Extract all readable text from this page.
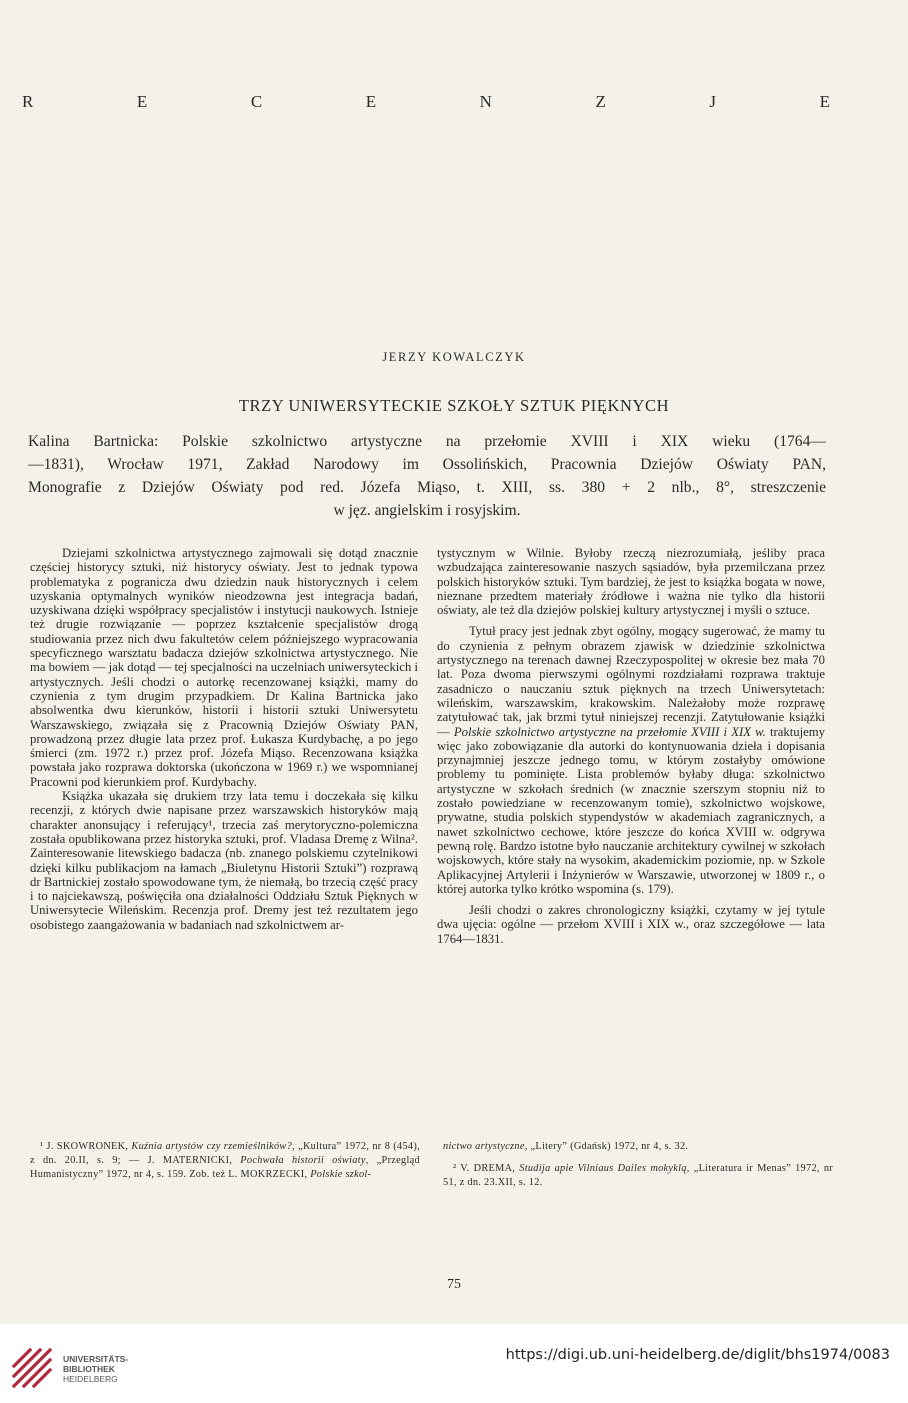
R	E	C	E	N	Z	J	E
JERZY KOWALCZYK
TRZY UNIWERSYTECKIE SZKOŁY SZTUK PIĘKNYCH
Kalina Bartnicka: Polskie szkolnictwo artystyczne na przełomie XVIII i XIX wieku (1764—
—1831), Wrocław 1971, Zakład Narodowy im Ossolińskich, Pracownia Dziejów Oświaty PAN,
Monografie z Dziejów Oświaty pod red. Józefa Miąso, t. XIII, ss. 380 + 2 nlb., 8°, streszczenie
w jęz. angielskim i rosyjskim.

Dziejami szkolnictwa artystycznego zajmowali się dotąd znacznie częściej historycy sztuki, niż historycy oświaty. Jest to jednak typowa problematyka z pogranicza dwu dziedzin nauk historycznych i celem uzyskania optymalnych wyników nieodzowna jest integracja badań, uzyskiwana dzięki współpracy specjalistów i instytucji naukowych. Istnieje też drugie rozwiązanie — poprzez kształcenie specjalistów drogą studiowania przez nich dwu fakultetów celem późniejszego wypracowania specyficznego warsztatu badacza dziejów szkolnictwa artystycznego. Nie ma bowiem — jak dotąd — tej specjalności na uczelniach uniwersyteckich i artystycznych. Jeśli chodzi o autorkę recenzowanej książki, mamy do czynienia z tym drugim przypadkiem. Dr Kalina Bartnicka jako absolwentka dwu kierunków, historii i historii sztuki Uniwersytetu Warszawskiego, związała się z Pracownią Dziejów Oświaty PAN, prowadzoną przez długie lata przez prof. Łukasza Kurdybachę, a po jego śmierci (zm. 1972 r.) przez prof. Józefa Miąso. Recenzowana książka powstała jako rozprawa doktorska (ukończona w 1969 r.) we wspomnianej Pracowni pod kierunkiem prof. Kurdybachy.

Książka ukazała się drukiem trzy lata temu i doczekała się kilku recenzji, z których dwie napisane przez warszawskich historyków mają charakter anonsujący i referujący¹, trzecia zaś merytoryczno-polemiczna została opublikowana przez historyka sztuki, prof. Vladasa Dremę z Wilna². Zainteresowanie litewskiego badacza (nb. znanego polskiemu czytelnikowi dzięki kilku publikacjom na łamach „Biuletynu Historii Sztuki”) rozprawą dr Bartnickiej zostało spowodowane tym, że niemałą, bo trzecią część pracy i to najciekawszą, poświęciła ona działalności Oddziału Sztuk Pięknych w Uniwersytecie Wileńskim. Recenzja prof. Dremy jest też rezultatem jego osobistego zaangażowania w badaniach nad szkolnictwem ar-

tystycznym w Wilnie. Byłoby rzeczą niezrozumiałą, jeśliby praca wzbudzająca zainteresowanie naszych sąsiadów, była przemilczana przez polskich historyków sztuki. Tym bardziej, że jest to książka bogata w nowe, nieznane przedtem materiały źródłowe i ważna nie tylko dla historii oświaty, ale też dla dziejów polskiej kultury artystycznej i myśli o sztuce.

Tytuł pracy jest jednak zbyt ogólny, mogący sugerować, że mamy tu do czynienia z pełnym obrazem zjawisk w dziedzinie szkolnictwa artystycznego na terenach dawnej Rzeczypospolitej w okresie bez mała 70 lat. Poza dwoma pierwszymi ogólnymi rozdziałami rozprawa traktuje zasadniczo o nauczaniu sztuk pięknych na trzech Uniwersytetach: wileńskim, warszawskim, krakowskim. Należałoby może rozprawę zatytułować tak, jak brzmi tytuł niniejszej recenzji. Zatytułowanie książki — Polskie szkolnictwo artystyczne na przełomie XVIII i XIX w. traktujemy więc jako zobowiązanie dla autorki do kontynuowania dzieła i dopisania przynajmniej jeszcze jednego tomu, w którym zostałyby omówione problemy tu pominięte. Lista problemów byłaby długa: szkolnictwo artystyczne w szkołach średnich (w znacznie szerszym stopniu niż to zostało powiedziane w recenzowanym tomie), szkolnictwo wojskowe, prywatne, studia polskich stypendystów w akademiach zagranicznych, a nawet szkolnictwo cechowe, które jeszcze do końca XVIII w. odgrywa pewną rolę. Bardzo istotne było nauczanie architektury cywilnej w szkołach wojskowych, które stały na wysokim, akademickim poziomie, np. w Szkole Aplikacyjnej Artylerii i Inżynierów w Warszawie, utworzonej w 1809 r., o której autorka tylko krótko wspomina (s. 179).

Jeśli chodzi o zakres chronologiczny książki, czytamy w jej tytule dwa ujęcia: ogólne — przełom XVIII i XIX w., oraz szczegółowe — lata 1764—1831.

¹ J. SKOWRONEK, Kuźnia artystów czy rzemieślników?, „Kultura” 1972, nr 8 (454), z dn. 20.II, s. 9; — J. MATERNICKI, Pochwała historii oświaty, „Przegląd Humanistyczny” 1972, nr 4, s. 159. Zob. też L. MOKRZECKI, Polskie szkol-

nictwo artystyczne, „Litery” (Gdańsk) 1972, nr 4, s. 32.

² V. DREMA, Studija apie Vilniaus Dailes mokyklą, „Literatura ir Menas” 1972, nr 51, z dn. 23.XII, s. 12.

75
UNIVERSITÄTS-
BIBLIOTHEK
HEIDELBERG
https://digi.ub.uni-heidelberg.de/diglit/bhs1974/0083
